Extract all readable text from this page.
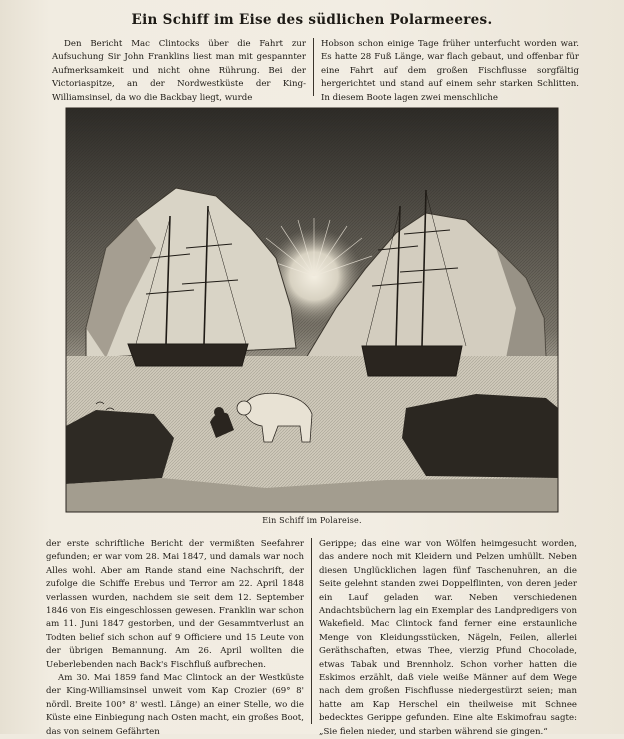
Ein Schiff im Eise des südlichen Polarmeeres.

Den Bericht Mac Clintocks über die Fahrt zur Aufsuchung Sir John Franklins liest man mit gespannter Aufmerksamkeit und nicht ohne Rührung. Bei der Victoriaspitze, an der Nordwestküste der King-Williamsinsel, da wo die Backbay liegt, wurde

Hobson schon einige Tage früher unterfucht worden war. Es hatte 28 Fuß Länge, war flach gebaut, und offenbar für eine Fahrt auf dem großen Fischflusse sorgfältig hergerichtet und stand auf einem sehr starken Schlitten. In diesem Boote lagen zwei menschliche

Ein Schiff im Polareise.

der erste schriftliche Bericht der vermißten Seefahrer gefunden; er war vom 28. Mai 1847, und damals war noch Alles wohl. Aber am Rande stand eine Nachschrift, der zufolge die Schiffe Erebus und Terror am 22. April 1848 verlassen wurden, nachdem sie seit dem 12. September 1846 von Eis eingeschlossen gewesen. Franklin war schon am 11. Juni 1847 gestorben, und der Gesammtverlust an Todten belief sich schon auf 9 Officiere und 15 Leute von der übrigen Bemannung. Am 26. April wollten die Ueberlebenden nach Back's Fischfluß aufbrechen.

Am 30. Mai 1859 fand Mac Clintock an der Westküste der King-Williamsinsel unweit vom Kap Crozier (69° 8' nördl. Breite 100° 8' westl. Länge) an einer Stelle, wo die Küste eine Einbiegung nach Osten macht, ein großes Boot, das von seinem Gefährten

Gerippe; das eine war von Wölfen heimgesucht worden, das andere noch mit Kleidern und Pelzen umhüllt. Neben diesen Unglücklichen lagen fünf Taschenuhren, an die Seite gelehnt standen zwei Doppelflinten, von deren jeder ein Lauf geladen war. Neben verschiedenen Andachtsbüchern lag ein Exemplar des Landpredigers von Wakefield. Mac Clintock fand ferner eine erstaunliche Menge von Kleidungsstücken, Nägeln, Feilen, allerlei Geräthschaften, etwas Thee, vierzig Pfund Chocolade, etwas Tabak und Brennholz. Schon vorher hatten die Eskimos erzählt, daß viele weiße Männer auf dem Wege nach dem großen Fischflusse niedergestürzt seien; man hatte am Kap Herschel ein theilweise mit Schnee bedecktes Gerippe gefunden. Eine alte Eskimofrau sagte: „Sie fielen nieder, und starben während sie gingen.“
